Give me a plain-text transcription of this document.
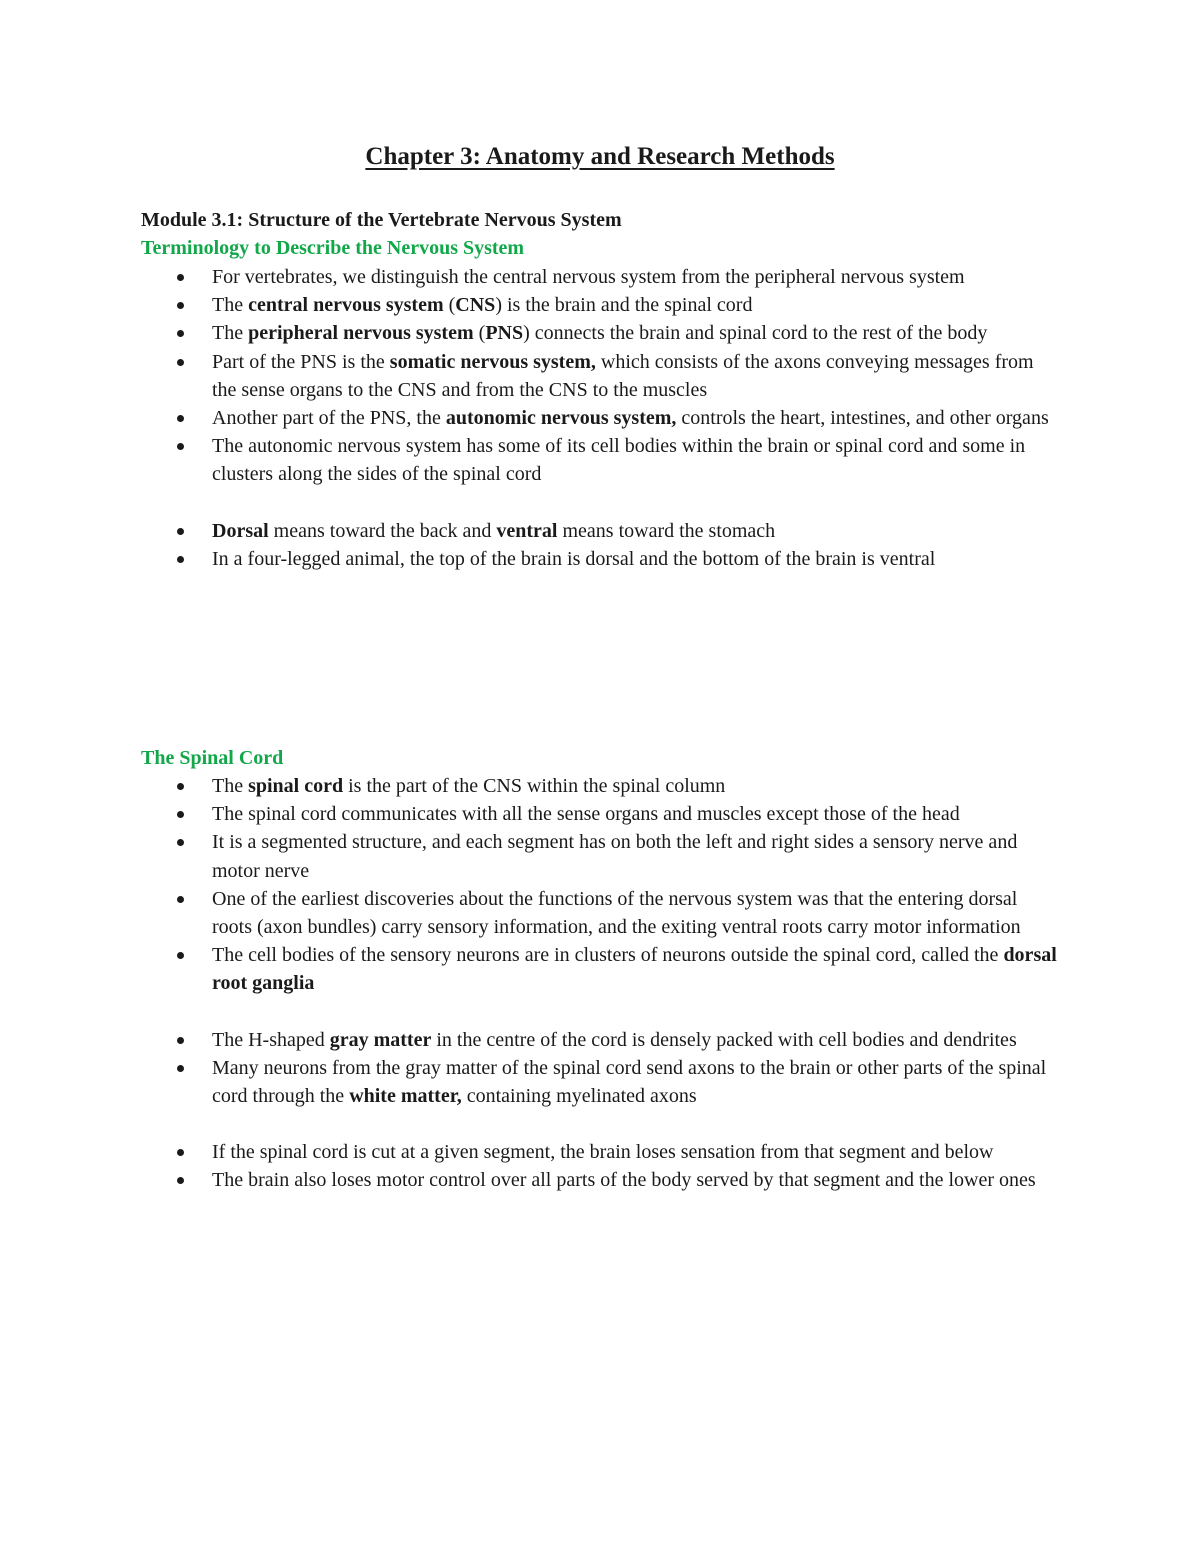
Chapter 3: Anatomy and Research Methods
Module 3.1: Structure of the Vertebrate Nervous System
Terminology to Describe the Nervous System
For vertebrates, we distinguish the central nervous system from the peripheral nervous system
The central nervous system (CNS) is the brain and the spinal cord
The peripheral nervous system (PNS) connects the brain and spinal cord to the rest of the body
Part of the PNS is the somatic nervous system, which consists of the axons conveying messages from the sense organs to the CNS and from the CNS to the muscles
Another part of the PNS, the autonomic nervous system, controls the heart, intestines, and other organs
The autonomic nervous system has some of its cell bodies within the brain or spinal cord and some in clusters along the sides of the spinal cord
Dorsal means toward the back and ventral means toward the stomach
In a four-legged animal, the top of the brain is dorsal and the bottom of the brain is ventral
The Spinal Cord
The spinal cord is the part of the CNS within the spinal column
The spinal cord communicates with all the sense organs and muscles except those of the head
It is a segmented structure, and each segment has on both the left and right sides a sensory nerve and motor nerve
One of the earliest discoveries about the functions of the nervous system was that the entering dorsal roots (axon bundles) carry sensory information, and the exiting ventral roots carry motor information
The cell bodies of the sensory neurons are in clusters of neurons outside the spinal cord, called the dorsal root ganglia
The H-shaped gray matter in the centre of the cord is densely packed with cell bodies and dendrites
Many neurons from the gray matter of the spinal cord send axons to the brain or other parts of the spinal cord through the white matter, containing myelinated axons
If the spinal cord is cut at a given segment, the brain loses sensation from that segment and below
The brain also loses motor control over all parts of the body served by that segment and the lower ones
